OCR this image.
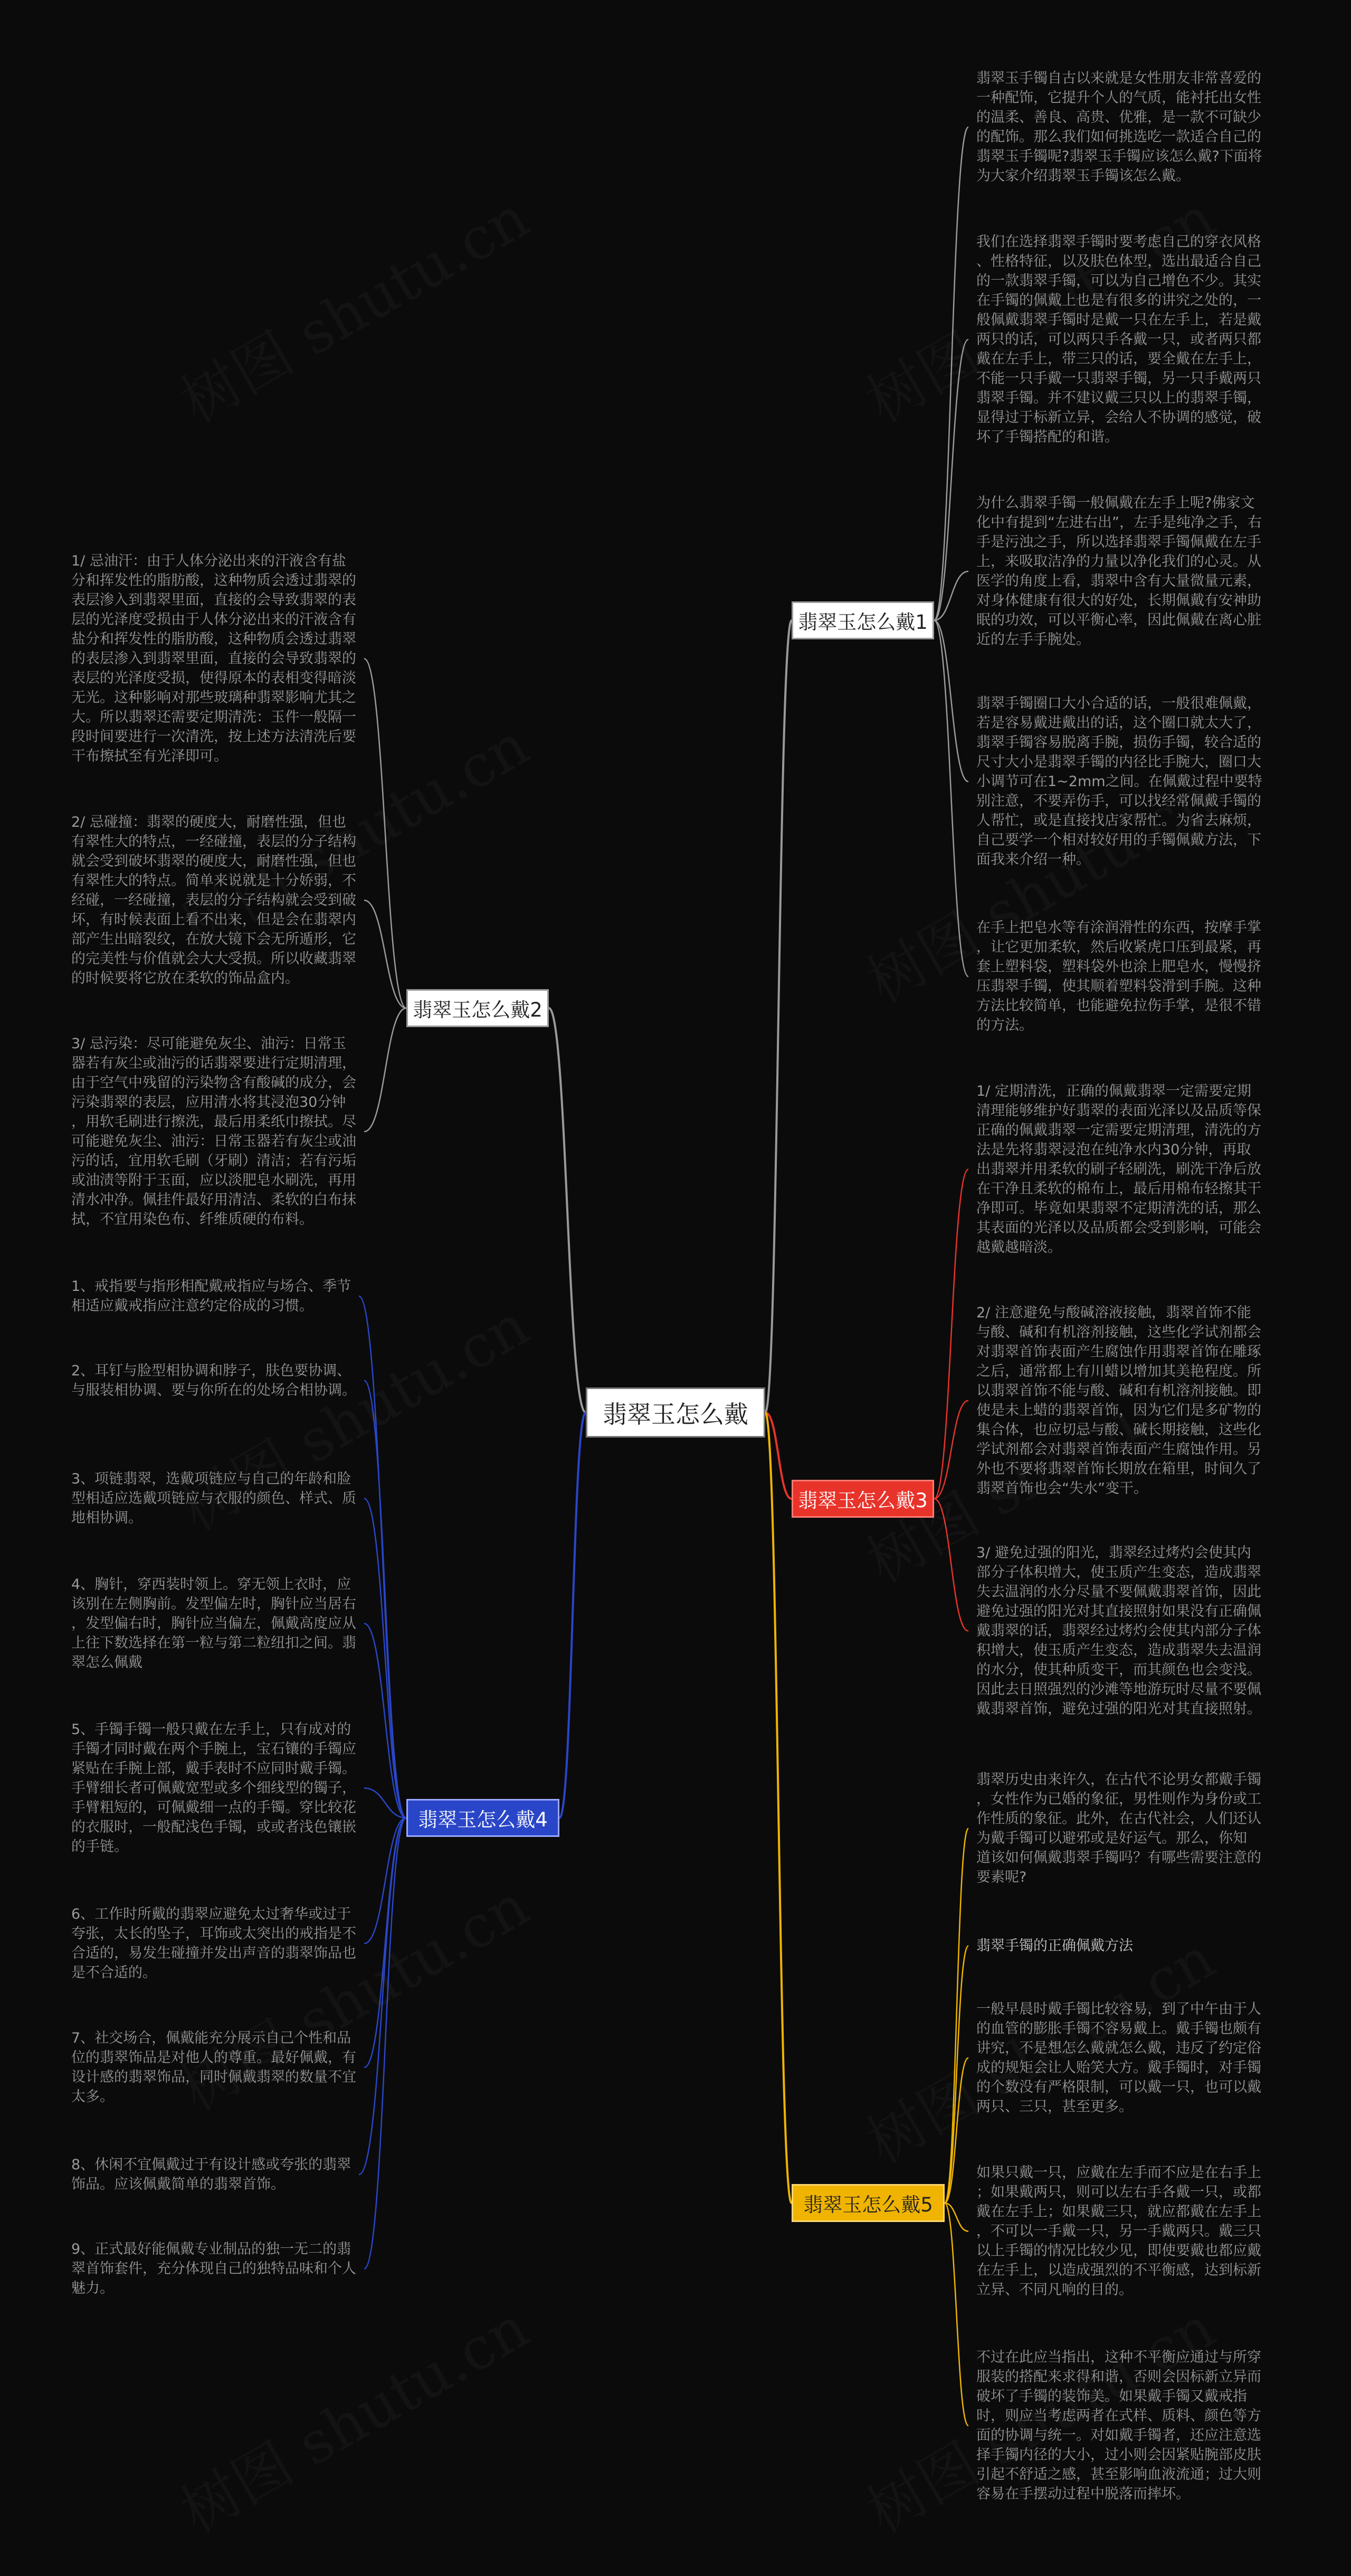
翡翠玉怎么戴
翡翠玉怎么戴1
翡翠玉怎么戴2
翡翠玉怎么戴3
翡翠玉怎么戴4
翡翠玉怎么戴5
翡翠玉手镯自古以来就是女性朋友非常喜爱的
一种配饰，它提升个人的气质，能衬托出女性
的温柔、善良、高贵、优雅，是一款不可缺少
的配饰。那么我们如何挑选吃一款适合自己的
翡翠玉手镯呢?翡翠玉手镯应该怎么戴?下面将
为大家介绍翡翠玉手镯该怎么戴。
我们在选择翡翠手镯时要考虑自己的穿衣风格
、性格特征，以及肤色体型，选出最适合自己
的一款翡翠手镯，可以为自己增色不少。其实
在手镯的佩戴上也是有很多的讲究之处的，一
般佩戴翡翠手镯时是戴一只在左手上，若是戴
两只的话，可以两只手各戴一只，或者两只都
戴在左手上，带三只的话，要全戴在左手上，
不能一只手戴一只翡翠手镯，另一只手戴两只
翡翠手镯。并不建议戴三只以上的翡翠手镯，
显得过于标新立异，会给人不协调的感觉，破
坏了手镯搭配的和谐。
为什么翡翠手镯一般佩戴在左手上呢?佛家文
化中有提到“左进右出”，左手是纯净之手，右
手是污浊之手，所以选择翡翠手镯佩戴在左手
上，来吸取洁净的力量以净化我们的心灵。从
医学的角度上看，翡翠中含有大量微量元素，
对身体健康有很大的好处，长期佩戴有安神助
眠的功效，可以平衡心率，因此佩戴在离心脏
近的左手手腕处。
翡翠手镯圈口大小合适的话，一般很难佩戴，
若是容易戴进戴出的话，这个圈口就太大了，
翡翠手镯容易脱离手腕，损伤手镯，较合适的
尺寸大小是翡翠手镯的内径比手腕大，圈口大
小调节可在1~2mm之间。在佩戴过程中要特
别注意，不要弄伤手，可以找经常佩戴手镯的
人帮忙，或是直接找店家帮忙。为省去麻烦，
自己要学一个相对较好用的手镯佩戴方法，下
面我来介绍一种。
在手上把皂水等有涂润滑性的东西，按摩手掌
，让它更加柔软，然后收紧虎口压到最紧，再
套上塑料袋，塑料袋外也涂上肥皂水，慢慢挤
压翡翠手镯，使其顺着塑料袋滑到手腕。这种
方法比较简单，也能避免拉伤手掌，是很不错
的方法。
1/ 忌油汗：由于人体分泌出来的汗液含有盐
分和挥发性的脂肪酸，这种物质会透过翡翠的
表层渗入到翡翠里面，直接的会导致翡翠的表
层的光泽度受损由于人体分泌出来的汗液含有
盐分和挥发性的脂肪酸，这种物质会透过翡翠
的表层渗入到翡翠里面，直接的会导致翡翠的
表层的光泽度受损，使得原本的表相变得暗淡
无光。这种影响对那些玻璃种翡翠影响尤其之
大。所以翡翠还需要定期清洗：玉件一般隔一
段时间要进行一次清洗，按上述方法清洗后要
干布擦拭至有光泽即可。
2/ 忌碰撞：翡翠的硬度大，耐磨性强，但也
有翠性大的特点，一经碰撞，表层的分子结构
就会受到破坏翡翠的硬度大，耐磨性强，但也
有翠性大的特点。简单来说就是十分娇弱，不
经碰，一经碰撞，表层的分子结构就会受到破
坏，有时候表面上看不出来，但是会在翡翠内
部产生出暗裂纹，在放大镜下会无所遁形，它
的完美性与价值就会大大受损。所以收藏翡翠
的时候要将它放在柔软的饰品盒内。
3/ 忌污染：尽可能避免灰尘、油污：日常玉
器若有灰尘或油污的话翡翠要进行定期清理，
由于空气中残留的污染物含有酸碱的成分，会
污染翡翠的表层，应用清水将其浸泡30分钟
，用软毛刷进行擦洗，最后用柔纸巾擦拭。尽
可能避免灰尘、油污：日常玉器若有灰尘或油
污的话，宜用软毛刷（牙刷）清洁；若有污垢
或油渍等附于玉面，应以淡肥皂水刷洗，再用
清水冲净。佩挂件最好用清洁、柔软的白布抹
拭，不宜用染色布、纤维质硬的布料。
1/ 定期清洗，正确的佩戴翡翠一定需要定期
清理能够维护好翡翠的表面光泽以及品质等保
正确的佩戴翡翠一定需要定期清理，清洗的方
法是先将翡翠浸泡在纯净水内30分钟，再取
出翡翠并用柔软的刷子轻刷洗，刷洗干净后放
在干净且柔软的棉布上，最后用棉布轻擦其干
净即可。毕竟如果翡翠不定期清洗的话，那么
其表面的光泽以及品质都会受到影响，可能会
越戴越暗淡。
2/ 注意避免与酸碱溶液接触，翡翠首饰不能
与酸、碱和有机溶剂接触，这些化学试剂都会
对翡翠首饰表面产生腐蚀作用翡翠首饰在雕琢
之后，通常都上有川蜡以增加其美艳程度。所
以翡翠首饰不能与酸、碱和有机溶剂接触。即
使是未上蜡的翡翠首饰，因为它们是多矿物的
集合体，也应切忌与酸、碱长期接触，这些化
学试剂都会对翡翠首饰表面产生腐蚀作用。另
外也不要将翡翠首饰长期放在箱里，时间久了
翡翠首饰也会“失水”变干。
3/ 避免过强的阳光，翡翠经过烤灼会使其内
部分子体积增大，使玉质产生变态，造成翡翠
失去温润的水分尽量不要佩戴翡翠首饰，因此
避免过强的阳光对其直接照射如果没有正确佩
戴翡翠的话，翡翠经过烤灼会使其内部分子体
积增大，使玉质产生变态，造成翡翠失去温润
的水分，使其种质变干，而其颜色也会变浅。
因此去日照强烈的沙滩等地游玩时尽量不要佩
戴翡翠首饰，避免过强的阳光对其直接照射。
1、戒指要与指形相配戴戒指应与场合、季节
相适应戴戒指应注意约定俗成的习惯。
2、耳钉与脸型相协调和脖子，肤色要协调、
与服装相协调、要与你所在的处场合相协调。
3、项链翡翠，选戴项链应与自己的年龄和脸
型相适应选戴项链应与衣服的颜色、样式、质
地相协调。
4、胸针，穿西装时领上。穿无领上衣时，应
该别在左侧胸前。发型偏左时，胸针应当居右
，发型偏右时，胸针应当偏左，佩戴高度应从
上往下数选择在第一粒与第二粒纽扣之间。翡
翠怎么佩戴
5、手镯手镯一般只戴在左手上，只有成对的
手镯才同时戴在两个手腕上，宝石镶的手镯应
紧贴在手腕上部，戴手表时不应同时戴手镯。
手臂细长者可佩戴宽型或多个细线型的镯子，
手臂粗短的，可佩戴细一点的手镯。穿比较花
的衣服时，一般配浅色手镯，或或者浅色镶嵌
的手链。
6、工作时所戴的翡翠应避免太过奢华或过于
夸张，太长的坠子，耳饰或太突出的戒指是不
合适的，易发生碰撞并发出声音的翡翠饰品也
是不合适的。
7、社交场合，佩戴能充分展示自己个性和品
位的翡翠饰品是对他人的尊重。最好佩戴，有
设计感的翡翠饰品，同时佩戴翡翠的数量不宜
太多。
8、休闲不宜佩戴过于有设计感或夸张的翡翠
饰品。应该佩戴简单的翡翠首饰。
9、正式最好能佩戴专业制品的独一无二的翡
翠首饰套件，充分体现自己的独特品味和个人
魅力。
翡翠历史由来许久，在古代不论男女都戴手镯
，女性作为已婚的象征，男性则作为身份或工
作性质的象征。此外，在古代社会，人们还认
为戴手镯可以避邪或是好运气。那么，你知
道该如何佩戴翡翠手镯吗？有哪些需要注意的
要素呢?
翡翠手镯的正确佩戴方法
一般早晨时戴手镯比较容易，到了中午由于人
的血管的膨胀手镯不容易戴上。戴手镯也颇有
讲究，不是想怎么戴就怎么戴，违反了约定俗
成的规矩会让人贻笑大方。戴手镯时，对手镯
的个数没有严格限制，可以戴一只，也可以戴
两只、三只，甚至更多。
如果只戴一只，应戴在左手而不应是在右手上
；如果戴两只，则可以左右手各戴一只，或都
戴在左手上；如果戴三只，就应都戴在左手上
，不可以一手戴一只，另一手戴两只。戴三只
以上手镯的情况比较少见，即使要戴也都应戴
在左手上，以造成强烈的不平衡感，达到标新
立异、不同凡响的目的。
不过在此应当指出，这种不平衡应通过与所穿
服装的搭配来求得和谐，否则会因标新立异而
破坏了手镯的装饰美。如果戴手镯又戴戒指
时，则应当考虑两者在式样、质料、颜色等方
面的协调与统一。对如戴手镯者，还应注意选
择手镯内径的大小，过小则会因紧贴腕部皮肤
引起不舒适之感，甚至影响血液流通；过大则
容易在手摆动过程中脱落而摔坏。
